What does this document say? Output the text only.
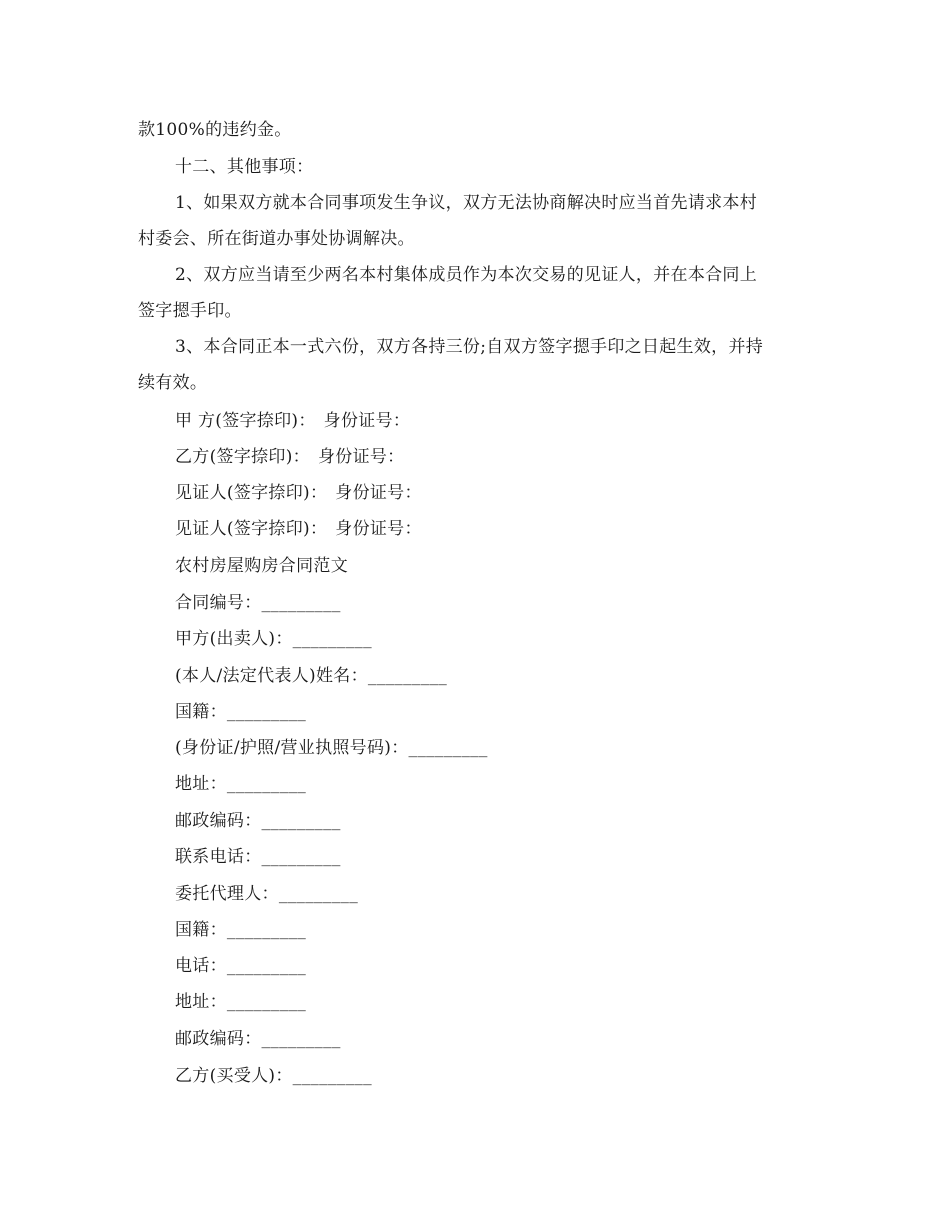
款100%的违约金。
十二、其他事项：
1、如果双方就本合同事项发生争议，双方无法协商解决时应当首先请求本村
村委会、所在街道办事处协调解决。
2、双方应当请至少两名本村集体成员作为本次交易的见证人，并在本合同上
签字摁手印。
3、本合同正本一式六份，双方各持三份;自双方签字摁手印之日起生效，并持
续有效。
甲 方(签字捺印)： 身份证号：
乙方(签字捺印)： 身份证号：
见证人(签字捺印)： 身份证号：
见证人(签字捺印)： 身份证号：
农村房屋购房合同范文
合同编号：_________
甲方(出卖人)：_________
(本人/法定代表人)姓名：_________
国籍：_________
(身份证/护照/营业执照号码)：_________
地址：_________
邮政编码：_________
联系电话：_________
委托代理人：_________
国籍：_________
电话：_________
地址：_________
邮政编码：_________
乙方(买受人)：_________
